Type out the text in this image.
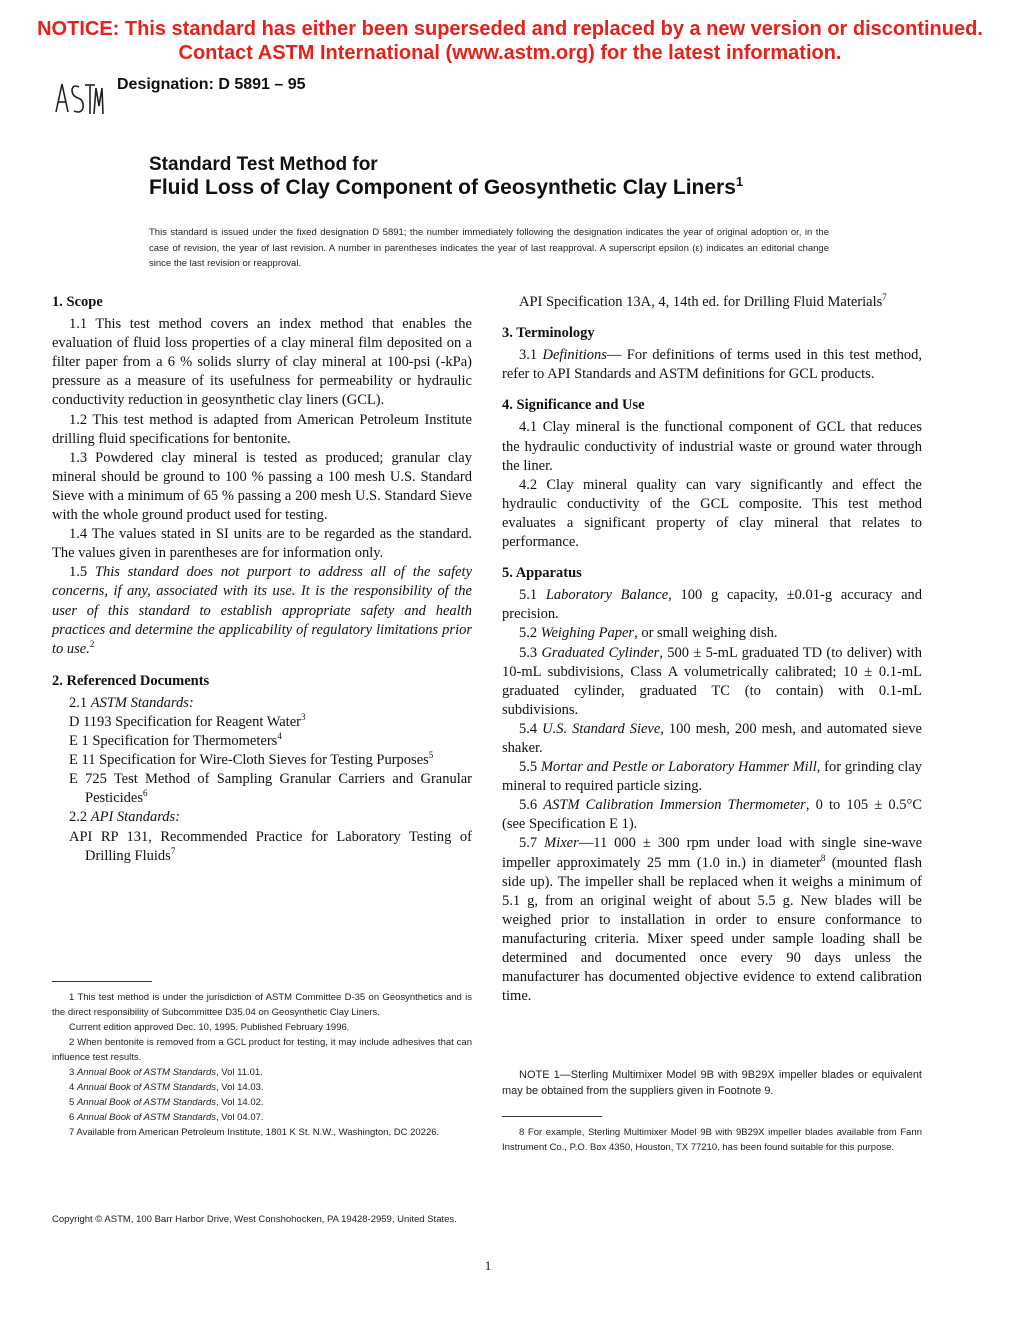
NOTICE: This standard has either been superseded and replaced by a new version or discontinued.
Contact ASTM International (www.astm.org) for the latest information.
ASTM
Designation: D 5891 – 95
Standard Test Method for
Fluid Loss of Clay Component of Geosynthetic Clay Liners$^1$
This standard is issued under the fixed designation D 5891; the number immediately following the designation indicates the year of original adoption or, in the case of revision, the year of last revision. A number in parentheses indicates the year of last reapproval. A superscript epsilon (ε) indicates an editorial change since the last revision or reapproval.

1. Scope

1.1 This test method covers an index method that enables the evaluation of fluid loss properties of a clay mineral film deposited on a filter paper from a 6 % solids slurry of clay mineral at 100-psi (-kPa) pressure as a measure of its usefulness for permeability or hydraulic conductivity reduction in geosynthetic clay liners (GCL).

1.2 This test method is adapted from American Petroleum Institute drilling fluid specifications for bentonite.

1.3 Powdered clay mineral is tested as produced; granular clay mineral should be ground to 100 % passing a 100 mesh U.S. Standard Sieve with a minimum of 65 % passing a 200 mesh U.S. Standard Sieve with the whole ground product used for testing.

1.4 The values stated in SI units are to be regarded as the standard. The values given in parentheses are for information only.

1.5 This standard does not purport to address all of the safety concerns, if any, associated with its use. It is the responsibility of the user of this standard to establish appropriate safety and health practices and determine the applicability of regulatory limitations prior to use.$^2$

2. Referenced Documents

2.1 ASTM Standards:

D 1193 Specification for Reagent Water$^3$

E 1 Specification for Thermometers$^4$

E 11 Specification for Wire-Cloth Sieves for Testing Purposes$^5$

E 725 Test Method of Sampling Granular Carriers and Granular Pesticides$^6$

2.2 API Standards:

API RP 131, Recommended Practice for Laboratory Testing of Drilling Fluids$^7$

API Specification 13A, 4, 14th ed. for Drilling Fluid Materials$^7$

3. Terminology

3.1 Definitions— For definitions of terms used in this test method, refer to API Standards and ASTM definitions for GCL products.

4. Significance and Use

4.1 Clay mineral is the functional component of GCL that reduces the hydraulic conductivity of industrial waste or ground water through the liner.

4.2 Clay mineral quality can vary significantly and effect the hydraulic conductivity of the GCL composite. This test method evaluates a significant property of clay mineral that relates to performance.

5. Apparatus

5.1 Laboratory Balance, 100 g capacity, ±0.01-g accuracy and precision.

5.2 Weighing Paper, or small weighing dish.

5.3 Graduated Cylinder, 500 ± 5-mL graduated TD (to deliver) with 10-mL subdivisions, Class A volumetrically calibrated; 10 ± 0.1-mL graduated cylinder, graduated TC (to contain) with 0.1-mL subdivisions.

5.4 U.S. Standard Sieve, 100 mesh, 200 mesh, and automated sieve shaker.

5.5 Mortar and Pestle or Laboratory Hammer Mill, for grinding clay mineral to required particle sizing.

5.6 ASTM Calibration Immersion Thermometer, 0 to 105 ± 0.5°C (see Specification E 1).

5.7 Mixer—11 000 ± 300 rpm under load with single sine-wave impeller approximately 25 mm (1.0 in.) in diameter$^8$ (mounted flash side up). The impeller shall be replaced when it weighs a minimum of 5.1 g, from an original weight of about 5.5 g. New blades will be weighed prior to installation in order to ensure conformance to manufacturing criteria. Mixer speed under sample loading shall be determined and documented once every 90 days unless the manufacturer has documented objective evidence to extend calibration time.

NOTE 1—Sterling Multimixer Model 9B with 9B29X impeller blades or equivalent may be obtained from the suppliers given in Footnote 9.

1 This test method is under the jurisdiction of ASTM Committee D-35 on Geosynthetics and is the direct responsibility of Subcommittee D35.04 on Geosynthetic Clay Liners.

Current edition approved Dec. 10, 1995. Published February 1996.

2 When bentonite is removed from a GCL product for testing, it may include adhesives that can influence test results.

3 Annual Book of ASTM Standards, Vol 11.01.

4 Annual Book of ASTM Standards, Vol 14.03.

5 Annual Book of ASTM Standards, Vol 14.02.

6 Annual Book of ASTM Standards, Vol 04.07.

7 Available from American Petroleum Institute, 1801 K St. N.W., Washington, DC 20226.	8 For example, Sterling Multimixer Model 9B with 9B29X impeller blades available from Fann Instrument Co., P.O. Box 4350, Houston, TX 77210, has been found suitable for this purpose.

Copyright © ASTM, 100 Barr Harbor Drive, West Conshohocken, PA 19428-2959, United States.
1
